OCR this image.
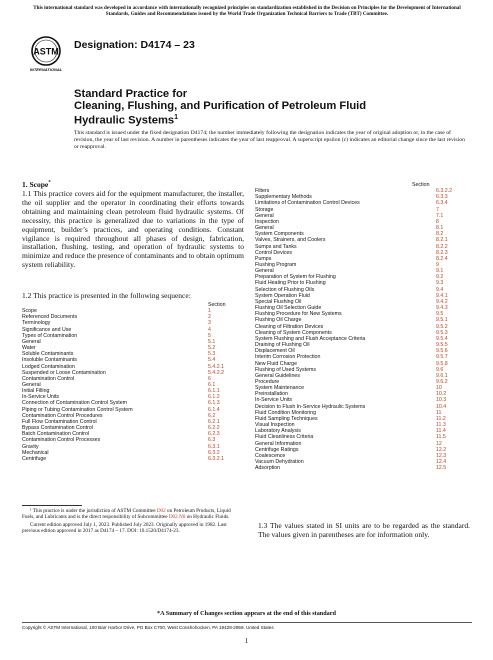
This international standard was developed in accordance with internationally recognized principles on standardization established in the Decision on Principles for the Development of International Standards, Guides and Recommendations issued by the World Trade Organization Technical Barriers to Trade (TBT) Committee.
ASTM
INTERNATIONAL
Designation: D4174 – 23
Standard Practice for
Cleaning, Flushing, and Purification of Petroleum Fluid
Hydraulic Systems$^1$
This standard is issued under the fixed designation D4174; the number immediately following the designation indicates the year of original adoption or, in the case of revision, the year of last revision. A number in parentheses indicates the year of last reapproval. A superscript epsilon (ε) indicates an editorial change since the last revision or reapproval.
1. Scope*
1.1 This practice covers aid for the equipment manufacturer, the installer, the oil supplier and the operator in coordinating their efforts towards obtaining and maintaining clean petroleum fluid hydraulic systems. Of necessity, this practice is generalized due to variations in the type of equipment, builder’s practices, and operating conditions. Constant vigilance is required throughout all phases of design, fabrication, installation, flushing, testing, and operation of hydraulic systems to minimize and reduce the presence of contaminants and to obtain optimum system reliability.
1.2 This practice is presented in the following sequence:
Section
Scope	1
Referenced Documents	2
Terminology	3
Significance and Use	4
Types of Contamination	5
General	5.1
Water	5.2
Soluble Contaminants	5.3
Insoluble Contaminants	5.4
Lodged Contamination	5.4.2.1
Suspended or Loose Contamination	5.4.2.2
Contamination Control	6
General	6.1
Initial Filling	6.1.1
In-Service Units	6.1.2
Connection of Contamination Control System	6.1.3
Piping or Tubing Contamination Control System	6.1.4
Contamination Control Procedures	6.2
Full Flow Contamination Control	6.2.1
Bypass Contamination Control	6.2.2
Batch Contamination Control	6.2.3
Contamination Control Processes	6.3
Gravity	6.3.1
Mechanical	6.3.2
Centrifuge	6.3.2.1
Section
Filters	6.3.2.2
Supplementary Methods	6.3.3
Limitations of Contamination Control Devices	6.3.4
Storage	7
General	7.1
Inspection	8
General	8.1
System Components	8.2
Valves, Strainers, and Coolers	8.2.1
Sumps and Tanks	8.2.2
Control Devices	8.2.3
Pumps	8.2.4
Flushing Program	9
General	9.1
Preparation of System for Flushing	9.2
Fluid Heating Prior to Flushing	9.3
Selection of Flushing Oils	9.4
System Operation Fluid	9.4.1
Special Flushing Oil	9.4.2
Flushing Oil Selection Guide	9.4.3
Flushing Procedure for New Systems	9.5
Flushing Oil Charge	9.5.1
Cleaning of Filtration Devices	9.5.2
Cleaning of System Components	9.5.3
System Flushing and Flush Acceptance Criteria	9.5.4
Draining of Flushing Oil	9.5.5
Displacement Oil	9.5.6
Interim Corrosion Protection	9.5.7
New Fluid Charge	9.5.8
Flushing of Used Systems	9.6
General Guidelines	9.6.1
Procedure	9.6.2
System Maintenance	10
Preinstallation	10.2
In-Service Units	10.3
Decision to Flush In-Service Hydraulic Systems	10.4
Fluid Condition Monitoring	11
Fluid Sampling Techniques	11.2
Visual Inspection	11.3
Laboratory Analysis	11.4
Fluid Cleanliness Criteria	11.5
General Information	12
Centrifuge Ratings	12.2
Coalescence	12.3
Vacuum Dehydration	12.4
Adsorption	12.5
1.3 The values stated in SI units are to be regarded as the standard. The values given in parentheses are for information only.

¹ This practice is under the jurisdiction of ASTM Committee D02 on Petroleum Products, Liquid Fuels, and Lubricants and is the direct responsibility of Subcommittee D02.N0 on Hydraulic Fluids.

Current edition approved July 1, 2023. Published July 2023. Originally approved in 1982. Last previous edition approved in 2017 as D4174 – 17. DOI: 10.1520/D4174-23.

*A Summary of Changes section appears at the end of this standard
Copyright © ASTM International, 100 Barr Harbor Drive, PO Box C700, West Conshohocken, PA 19428-2959. United States
1
